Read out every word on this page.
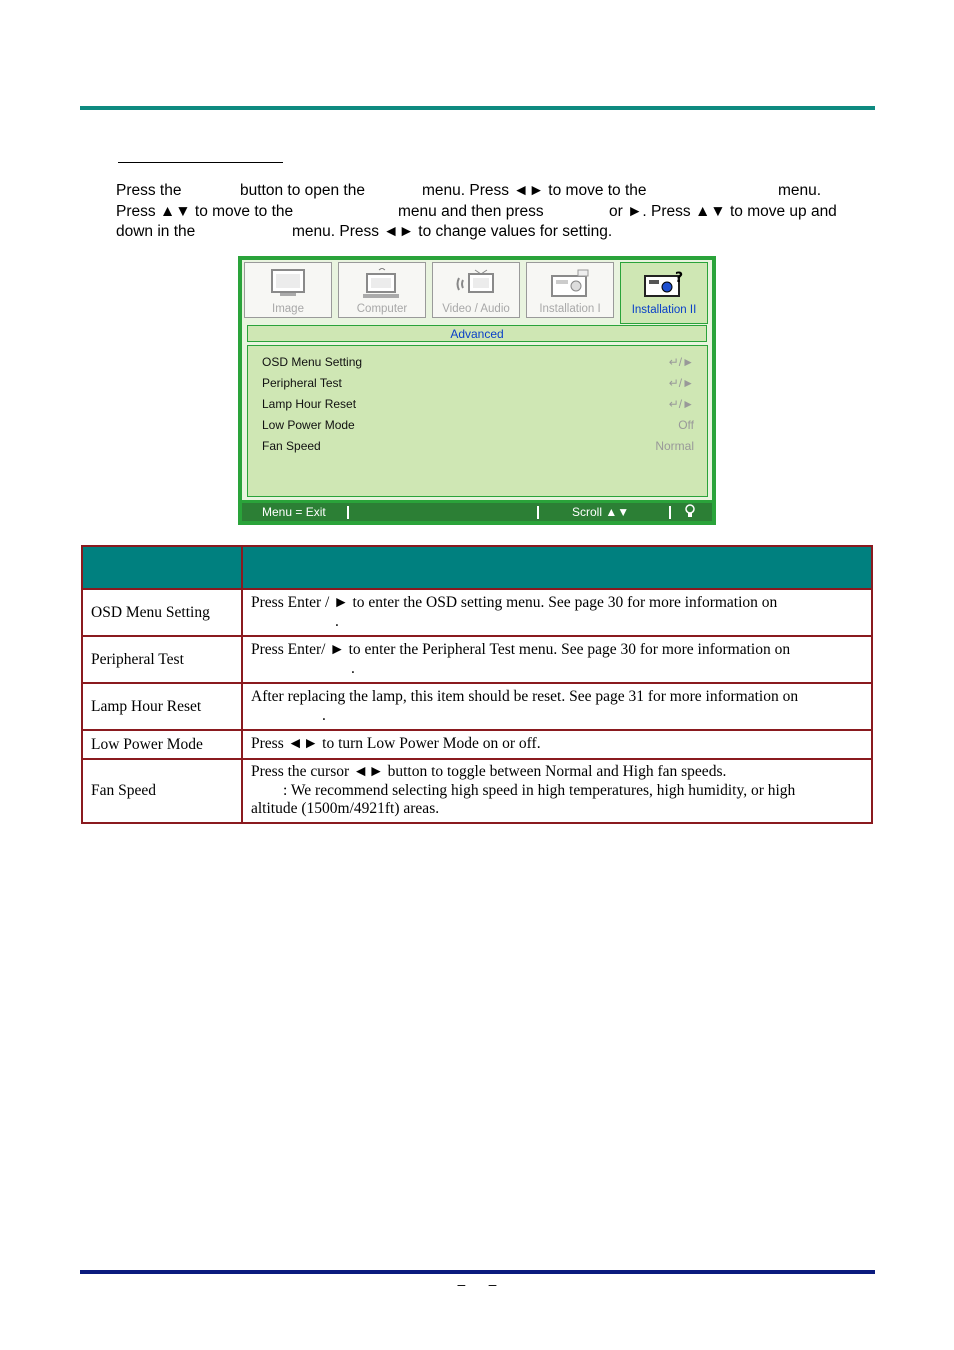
Press the	button to open the	menu. Press ◄► to move to the	menu.
Press ▲▼ to move to the	menu and then press	or ►. Press ▲▼ to move up and
down in the	menu. Press ◄► to change values for setting.
Image	Computer	Video / Audio	Installation I
?
Installation II
Advanced
OSD Menu Setting	↵/►
Peripheral Test	↵/►
Lamp Hour Reset	↵/►
Low Power Mode	Off
Fan Speed	Normal
Menu = Exit	Scroll ▲▼

OSD Menu Setting	Press Enter / ► to enter the OSD setting menu. See page 30 for more information on
.

Peripheral Test	Press Enter/ ► to enter the Peripheral Test menu. See page 30 for more information on
.

Lamp Hour Reset	After replacing the lamp, this item should be reset. See page 31 for more information on
.

Low Power Mode	Press ◄► to turn Low Power Mode on or off.

Fan Speed	Press the cursor ◄► button to toggle between Normal and High fan speeds.
: We recommend selecting high speed in high temperatures, high humidity, or high
altitude (1500m/4921ft) areas.
–      –
